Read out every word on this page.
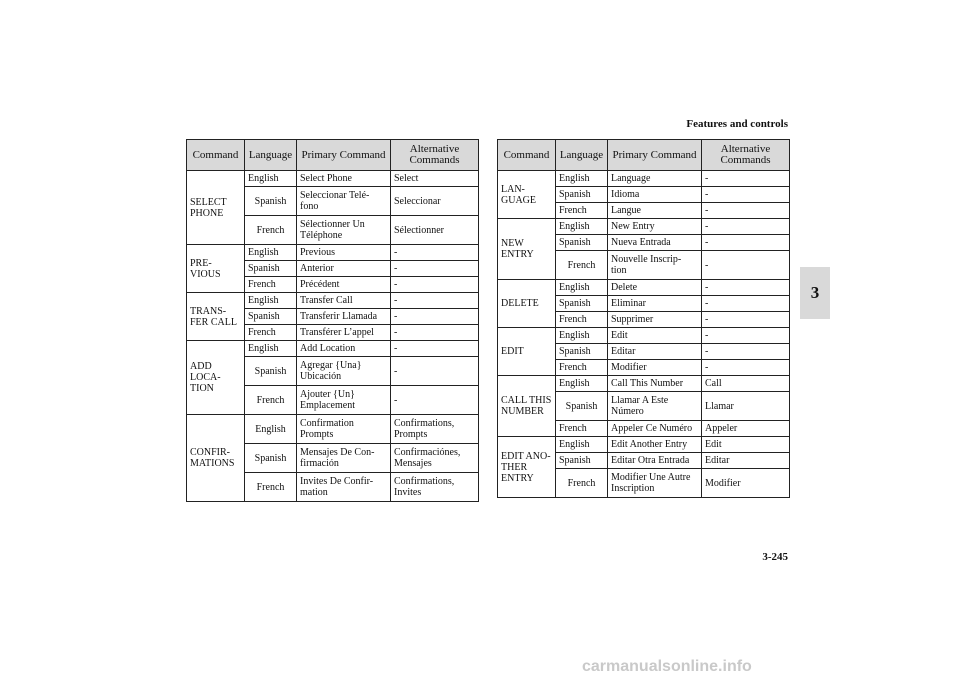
Features and controls
Command	Language	Primary Command	Alternative Commands
SELECT PHONE	English	Select Phone	Select
	Spanish	Seleccionar Telé- fono	Seleccionar
	French	Sélectionner Un Téléphone	Sélectionner
PRE- VIOUS	English	Previous	-
	Spanish	Anterior	-
	French	Précédent	-
TRANS- FER CALL	English	Transfer Call	-
	Spanish	Transferir Llamada	-
	French	Transférer L’appel	-
ADD LOCA- TION	English	Add Location	-
	Spanish	Agregar {Una} Ubicación	-
	French	Ajouter {Un} Emplacement	-
CONFIR- MATIONS	English	Confirmation Prompts	Confirmations, Prompts
	Spanish	Mensajes De Con- firmación	Confirmaciónes, Mensajes
	French	Invites De Confir- mation	Confirmations, Invites
Command	Language	Primary Command	Alternative Commands
LAN- GUAGE	English	Language	-
	Spanish	Idioma	-
	French	Langue	-
NEW ENTRY	English	New Entry	-
	Spanish	Nueva Entrada	-
	French	Nouvelle Inscrip- tion	-
DELETE	English	Delete	-
	Spanish	Eliminar	-
	French	Supprimer	-
EDIT	English	Edit	-
	Spanish	Editar	-
	French	Modifier	-
CALL THIS NUMBER	English	Call This Number	Call
	Spanish	Llamar A Este Número	Llamar
	French	Appeler Ce Numéro	Appeler
EDIT ANO- THER ENTRY	English	Edit Another Entry	Edit
	Spanish	Editar Otra Entrada	Editar
	French	Modifier Une Autre Inscription	Modifier
3
3-245
carmanualsonline.info
